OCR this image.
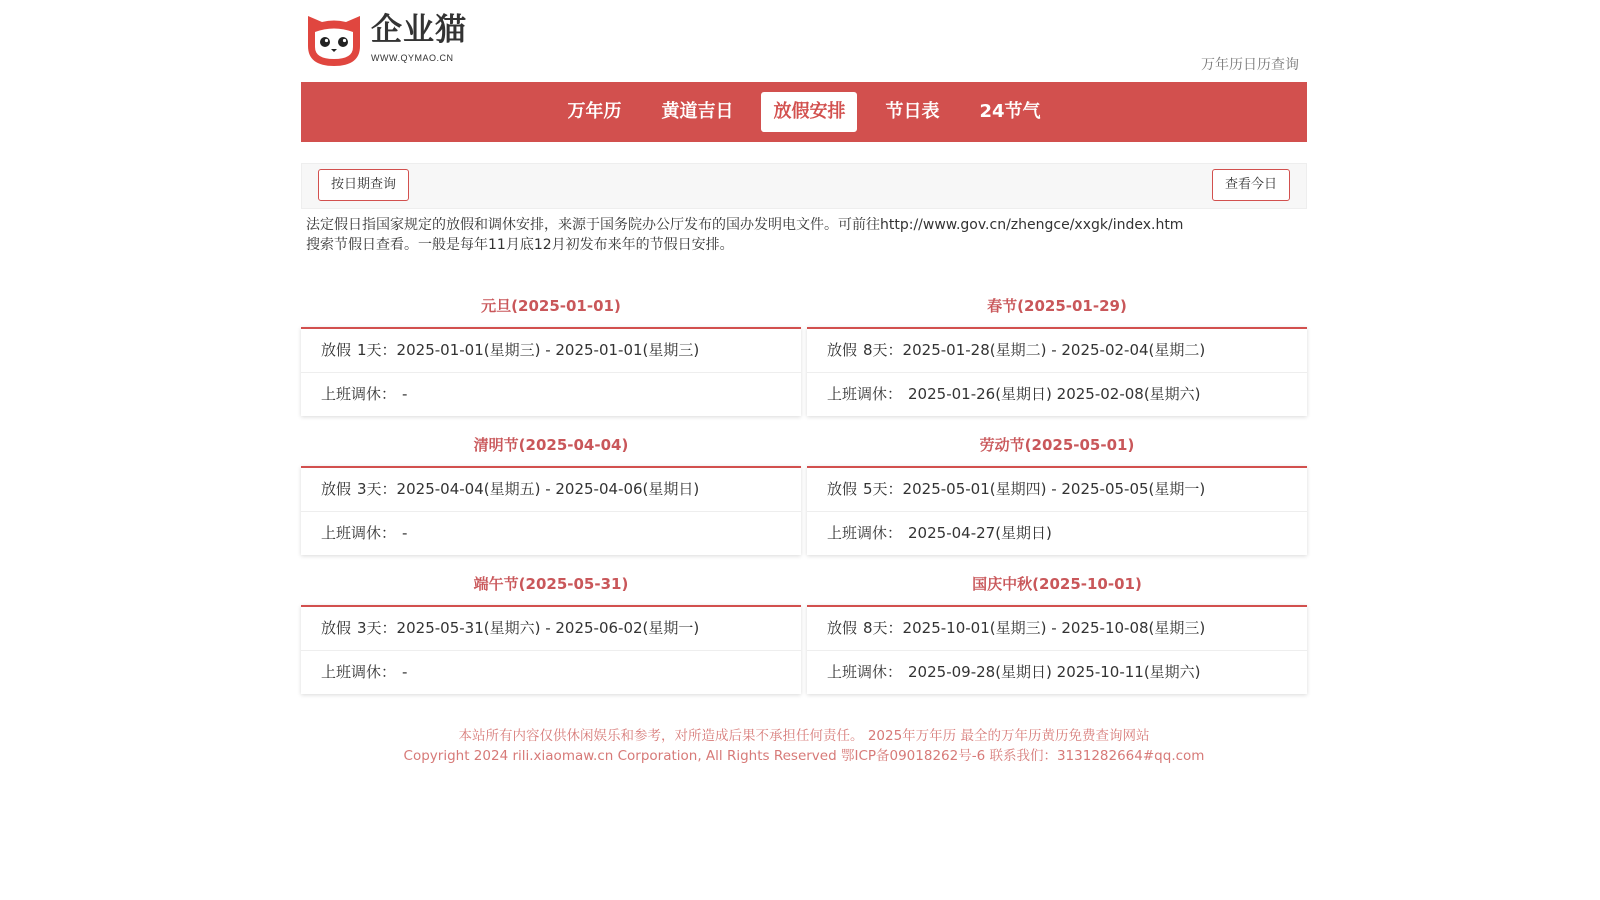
企业猫
WWW.QYMAO.CN	万年历日历查询
万年历	黄道吉日	放假安排	节日表	24节气
按日期查询	查看今日
法定假日指国家规定的放假和调休安排，来源于国务院办公厅发布的国办发明电文件。可前往http://www.gov.cn/zhengce/xxgk/index.htm
搜索节假日查看。一般是每年11月底12月初发布来年的节假日安排。
元旦(2025-01-01)
放假 1天：2025-01-01(星期三) - 2025-01-01(星期三)
上班调休： -
春节(2025-01-29)
放假 8天：2025-01-28(星期二) - 2025-02-04(星期二)
上班调休： 2025-01-26(星期日) 2025-02-08(星期六)
清明节(2025-04-04)
放假 3天：2025-04-04(星期五) - 2025-04-06(星期日)
上班调休： -
劳动节(2025-05-01)
放假 5天：2025-05-01(星期四) - 2025-05-05(星期一)
上班调休： 2025-04-27(星期日)
端午节(2025-05-31)
放假 3天：2025-05-31(星期六) - 2025-06-02(星期一)
上班调休： -
国庆中秋(2025-10-01)
放假 8天：2025-10-01(星期三) - 2025-10-08(星期三)
上班调休： 2025-09-28(星期日) 2025-10-11(星期六)
本站所有内容仅供休闲娱乐和参考，对所造成后果不承担任何责任。 2025年万年历 最全的万年历黄历免费查询网站
Copyright 2024 rili.xiaomaw.cn Corporation, All Rights Reserved 鄂ICP备09018262号-6 联系我们：3131282664#qq.com
